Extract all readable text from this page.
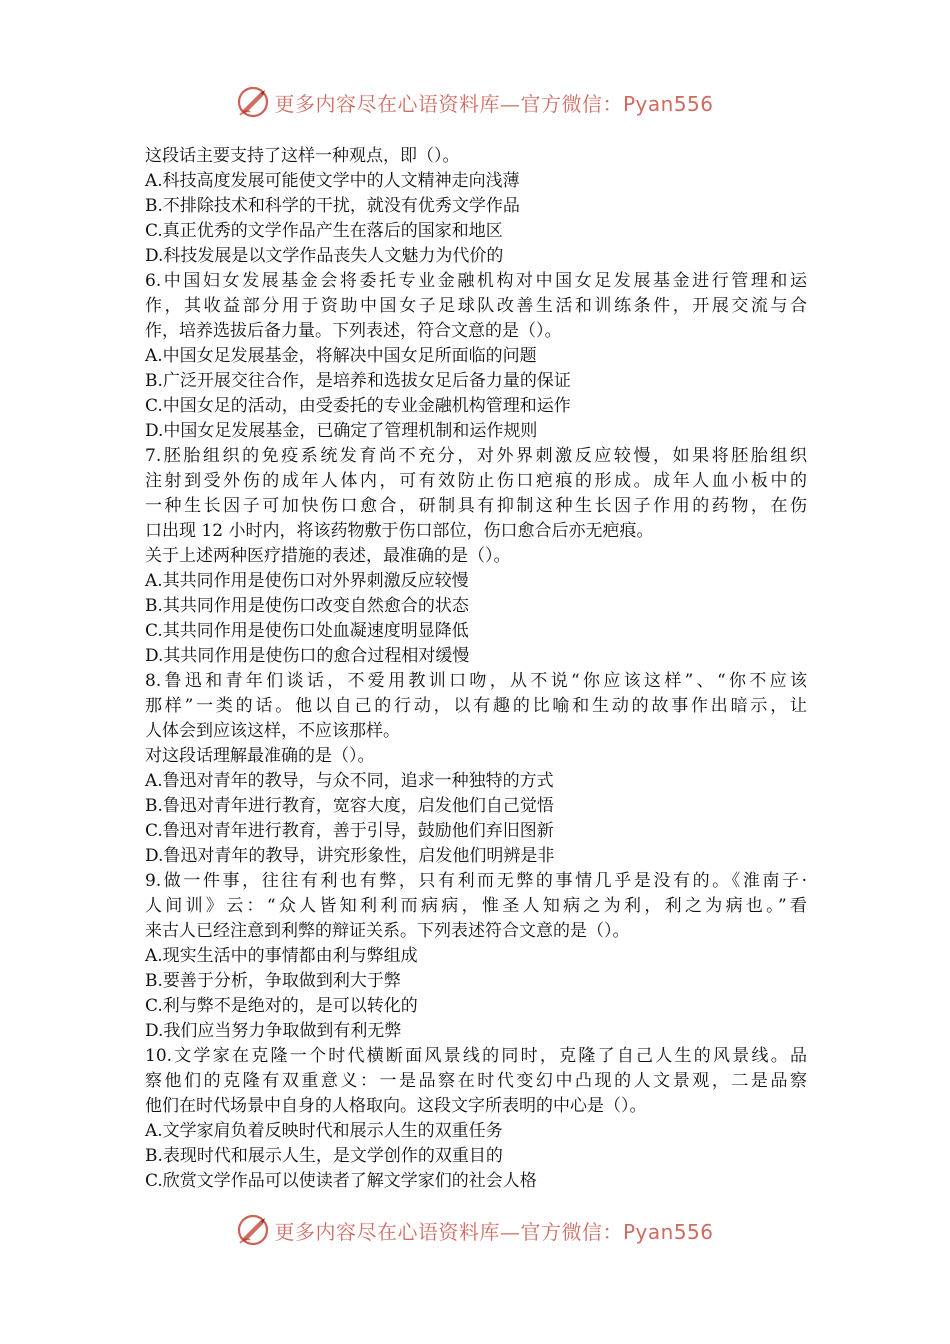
更多内容尽在心语资料库—官方微信：Pyan556
这段话主要支持了这样一种观点，即（）。
A.科技高度发展可能使文学中的人文精神走向浅薄
B.不排除技术和科学的干扰，就没有优秀文学作品
C.真正优秀的文学作品产生在落后的国家和地区
D.科技发展是以文学作品丧失人文魅力为代价的
6.中国妇女发展基金会将委托专业金融机构对中国女足发展基金进行管理和运
作，其收益部分用于资助中国女子足球队改善生活和训练条件，开展交流与合
作，培养选拔后备力量。下列表述，符合文意的是（）。
A.中国女足发展基金，将解决中国女足所面临的问题
B.广泛开展交往合作，是培养和选拔女足后备力量的保证
C.中国女足的活动，由受委托的专业金融机构管理和运作
D.中国女足发展基金，已确定了管理机制和运作规则
7.胚胎组织的免疫系统发育尚不充分，对外界刺激反应较慢，如果将胚胎组织
注射到受外伤的成年人体内，可有效防止伤口疤痕的形成。成年人血小板中的
一种生长因子可加快伤口愈合，研制具有抑制这种生长因子作用的药物，在伤
口出现 12 小时内，将该药物敷于伤口部位，伤口愈合后亦无疤痕。
关于上述两种医疗措施的表述，最准确的是（）。
A.其共同作用是使伤口对外界刺激反应较慢
B.其共同作用是使伤口改变自然愈合的状态
C.其共同作用是使伤口处血凝速度明显降低
D.其共同作用是使伤口的愈合过程相对缓慢
8.鲁迅和青年们谈话，不爱用教训口吻，从不说“你应该这样”、“你不应该
那样”一类的话。他以自己的行动，以有趣的比喻和生动的故事作出暗示，让
人体会到应该这样，不应该那样。
对这段话理解最准确的是（）。
A.鲁迅对青年的教导，与众不同，追求一种独特的方式
B.鲁迅对青年进行教育，宽容大度，启发他们自己觉悟
C.鲁迅对青年进行教育，善于引导，鼓励他们弃旧图新
D.鲁迅对青年的教导，讲究形象性，启发他们明辨是非
9.做一件事，往往有利也有弊，只有利而无弊的事情几乎是没有的。《淮南子·
人间训》云：“众人皆知利利而病病，惟圣人知病之为利，利之为病也。”看
来古人已经注意到利弊的辩证关系。下列表述符合文意的是（）。
A.现实生活中的事情都由利与弊组成
B.要善于分析，争取做到利大于弊
C.利与弊不是绝对的，是可以转化的
D.我们应当努力争取做到有利无弊
10.文学家在克隆一个时代横断面风景线的同时，克隆了自己人生的风景线。品
察他们的克隆有双重意义：一是品察在时代变幻中凸现的人文景观，二是品察
他们在时代场景中自身的人格取向。这段文字所表明的中心是（）。
A.文学家肩负着反映时代和展示人生的双重任务
B.表现时代和展示人生，是文学创作的双重目的
C.欣赏文学作品可以使读者了解文学家们的社会人格
更多内容尽在心语资料库—官方微信：Pyan556
